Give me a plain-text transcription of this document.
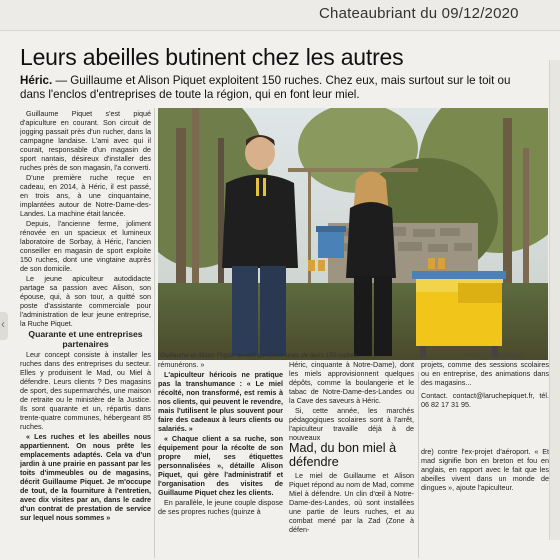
Chateaubriant du 09/12/2020
Leurs abeilles butinent chez les autres

Héric. — Guillaume et Alison Piquet exploitent 150 ruches. Chez eux, mais surtout sur le toit ou dans l'enclos d'entreprises de toute la région, qui en font leur miel.

Guillaume Piquet s'est piqué d'apiculture en courant. Son circuit de jogging passait près d'un rucher, dans la campagne landaise. L'ami avec qui il courait, responsable d'un magasin de sport nantais, désireux d'installer des ruches près de son magasin, l'a converti.

D'une première ruche reçue en cadeau, en 2014, à Héric, il est passé, en trois ans, à une cinquantaine, implantées autour de Notre-Dame-des-Landes. La machine était lancée.

Depuis, l'ancienne ferme, joliment rénovée en un spacieux et lumineux laboratoire de Sorbay, à Héric, l'ancien conseiller en magasin de sport exploite 150 ruches, dont une vingtaine auprès de son domicile.

Le jeune apiculteur autodidacte partage sa passion avec Alison, son épouse, qui, à son tour, a quitté son poste d'assistante commerciale pour l'administration de leur jeune entreprise, la Ruche Piquet.

Quarante et une entreprises partenaires

Leur concept consiste à installer les ruches dans des entreprises du secteur. Elles y produisent le Mad, ou Miel à défendre. Leurs clients ? Des magasins de sport, des supermarchés, une maison de retraite ou le ministère de la Justice. Ils sont quarante et un, répartis dans trente-quatre communes, hébergeant 85 ruches.

« Les ruches et les abeilles nous appartiennent. On nous prête les emplacements adaptés. Cela va d'un jardin à une prairie en passant par les toits d'immeubles ou de magasins, décrit Guillaume Piquet. Je m'occupe de tout, de la fourniture à l'entretien, avec dix visites par an, dans le cadre d'un contrat de prestation de service sur lequel nous sommes »

Guillaume et Alison Piquet devant quelques-unes de leurs 150 ruches.	PHOTO : OUEST-FRANCE

rémunérons. »

L'apiculteur héricois ne pratique pas la transhumance : « Le miel récolté, non transformé, est remis à nos clients, qui peuvent le revendre, mais l'utilisent le plus souvent pour faire des cadeaux à leurs clients ou salariés. »

« Chaque client a sa ruche, son équipement pour la récolte de son propre miel, ses étiquettes personnalisées », détaille Alison Piquet, qui gère l'administratif et l'organisation des visites de Guillaume Piquet chez les clients.

En parallèle, le jeune couple dispose de ses propres ruches (quinze à

Héric, cinquante à Notre-Dame), dont les miels approvisionnent quelques dépôts, comme la boulangerie et le tabac de Notre-Dame-des-Landes ou la Cave des saveurs à Héric.

Si, cette année, les marchés pédagogiques scolaires sont à l'arrêt, l'apiculteur travaille déjà à de nouveaux

Le miel de Guillaume et Alison Piquet répond au nom de Mad, comme Miel à défendre. Un clin d'œil à Notre-Dame-des-Landes, où sont installées une partie de leurs ruches, et au combat mené par la Zad (Zone à défen-

Mad, du bon miel à défendre

projets, comme des sessions scolaires ou en entreprise, des animations dans des magasins...

Contact. contact@laruchepiquet.fr, tél. 06 82 17 31 95.

dre) contre l'ex-projet d'aéroport. « Et mad signifie bon en breton et fou en anglais, en rapport avec le fait que les abeilles vivent dans un monde de dingues », ajoute l'apiculteur.

‹
